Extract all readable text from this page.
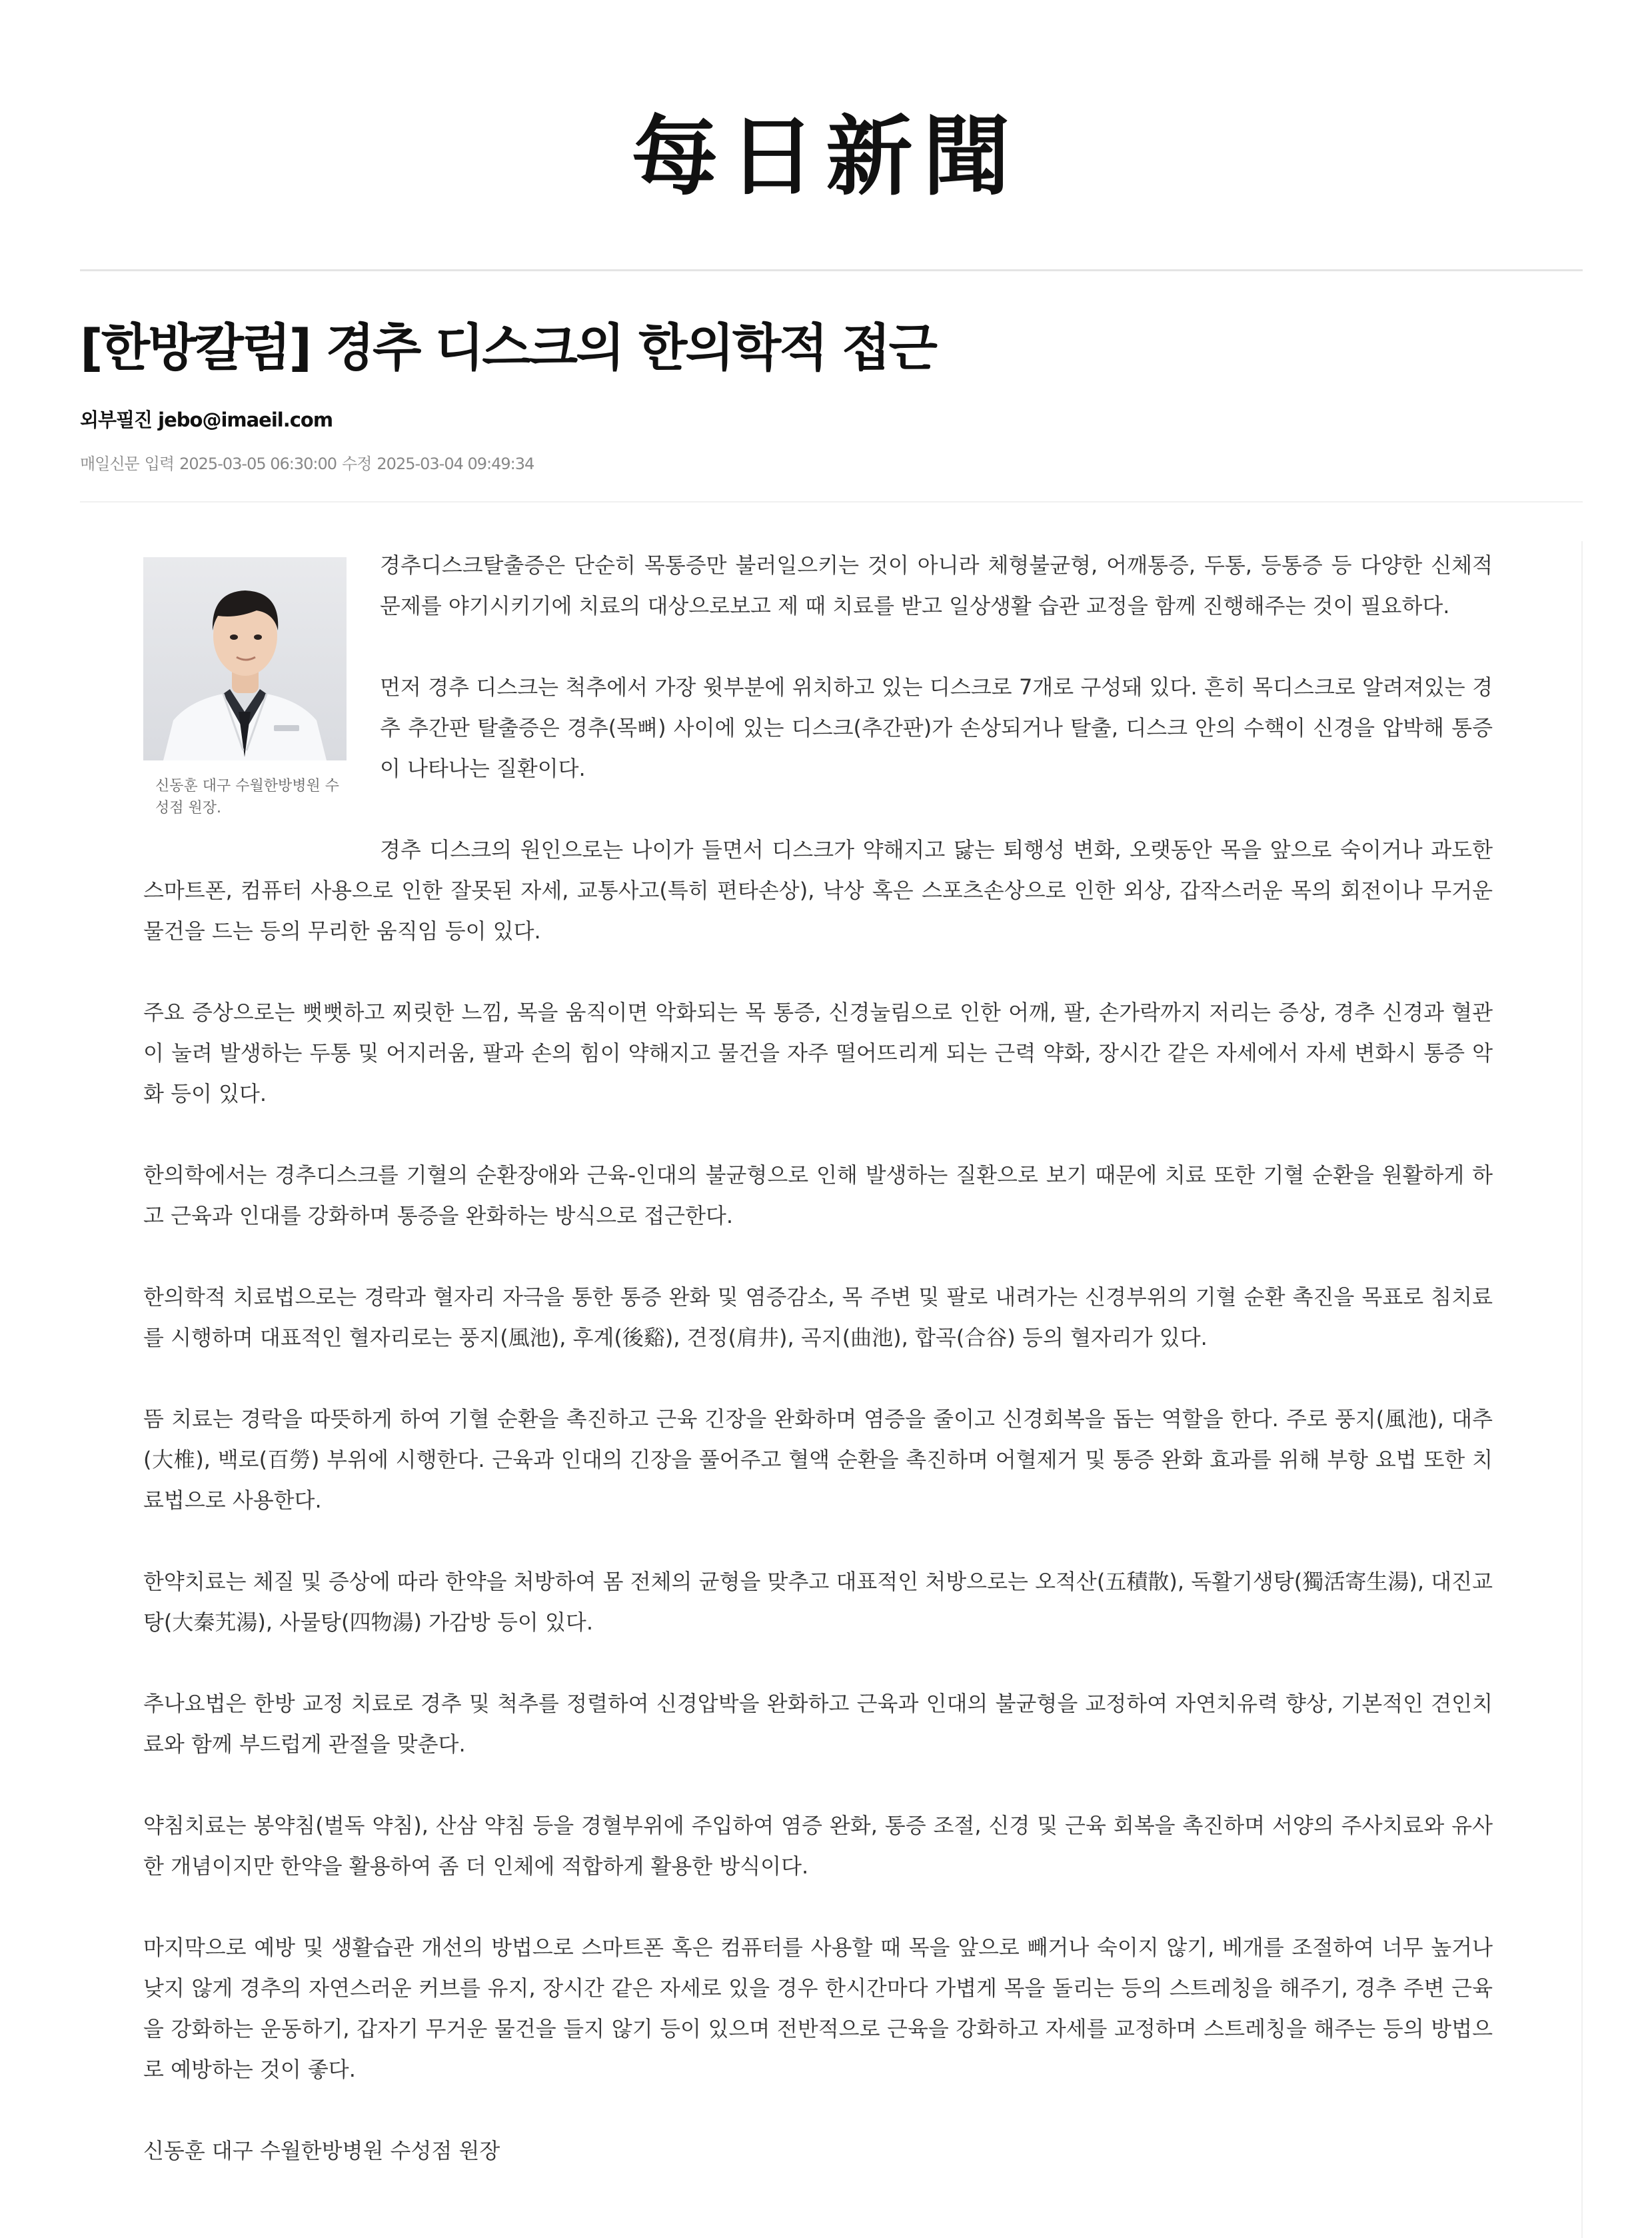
每日新聞
[한방칼럼] 경추 디스크의 한의학적 접근
외부필진 jebo@imaeil.com
매일신문 입력 2025-03-05 06:30:00 수정 2025-03-04 09:49:34
신동훈 대구 수월한방병원 수성점 원장.

경추디스크탈출증은 단순히 목통증만 불러일으키는 것이 아니라 체형불균형, 어깨통증, 두통, 등통증 등 다양한 신체적 문제를 야기시키기에 치료의 대상으로보고 제 때 치료를 받고 일상생활 습관 교정을 함께 진행해주는 것이 필요하다.

먼저 경추 디스크는 척추에서 가장 윗부분에 위치하고 있는 디스크로 7개로 구성돼 있다. 흔히 목디스크로 알려져있는 경추 추간판 탈출증은 경추(목뼈) 사이에 있는 디스크(추간판)가 손상되거나 탈출, 디스크 안의 수핵이 신경을 압박해 통증이 나타나는 질환이다.

경추 디스크의 원인으로는 나이가 들면서 디스크가 약해지고 닳는 퇴행성 변화, 오랫동안 목을 앞으로 숙이거나 과도한 스마트폰, 컴퓨터 사용으로 인한 잘못된 자세, 교통사고(특히 편타손상), 낙상 혹은 스포츠손상으로 인한 외상, 갑작스러운 목의 회전이나 무거운 물건을 드는 등의 무리한 움직임 등이 있다.

주요 증상으로는 뻣뻣하고 찌릿한 느낌, 목을 움직이면 악화되는 목 통증, 신경눌림으로 인한 어깨, 팔, 손가락까지 저리는 증상, 경추 신경과 혈관이 눌려 발생하는 두통 및 어지러움, 팔과 손의 힘이 약해지고 물건을 자주 떨어뜨리게 되는 근력 약화, 장시간 같은 자세에서 자세 변화시 통증 악화 등이 있다.

한의학에서는 경추디스크를 기혈의 순환장애와 근육-인대의 불균형으로 인해 발생하는 질환으로 보기 때문에 치료 또한 기혈 순환을 원활하게 하고 근육과 인대를 강화하며 통증을 완화하는 방식으로 접근한다.

한의학적 치료법으로는 경락과 혈자리 자극을 통한 통증 완화 및 염증감소, 목 주변 및 팔로 내려가는 신경부위의 기혈 순환 촉진을 목표로 침치료를 시행하며 대표적인 혈자리로는 풍지(風池), 후계(後谿), 견정(肩井), 곡지(曲池), 합곡(合谷) 등의 혈자리가 있다.

뜸 치료는 경락을 따뜻하게 하여 기혈 순환을 촉진하고 근육 긴장을 완화하며 염증을 줄이고 신경회복을 돕는 역할을 한다. 주로 풍지(風池), 대추(大椎), 백로(百勞) 부위에 시행한다. 근육과 인대의 긴장을 풀어주고 혈액 순환을 촉진하며 어혈제거 및 통증 완화 효과를 위해 부항 요법 또한 치료법으로 사용한다.

한약치료는 체질 및 증상에 따라 한약을 처방하여 몸 전체의 균형을 맞추고 대표적인 처방으로는 오적산(五積散), 독활기생탕(獨活寄生湯), 대진교탕(大秦艽湯), 사물탕(四物湯) 가감방 등이 있다.

추나요법은 한방 교정 치료로 경추 및 척추를 정렬하여 신경압박을 완화하고 근육과 인대의 불균형을 교정하여 자연치유력 향상, 기본적인 견인치료와 함께 부드럽게 관절을 맞춘다.

약침치료는 봉약침(벌독 약침), 산삼 약침 등을 경혈부위에 주입하여 염증 완화, 통증 조절, 신경 및 근육 회복을 촉진하며 서양의 주사치료와 유사한 개념이지만 한약을 활용하여 좀 더 인체에 적합하게 활용한 방식이다.

마지막으로 예방 및 생활습관 개선의 방법으로 스마트폰 혹은 컴퓨터를 사용할 때 목을 앞으로 빼거나 숙이지 않기, 베개를 조절하여 너무 높거나 낮지 않게 경추의 자연스러운 커브를 유지, 장시간 같은 자세로 있을 경우 한시간마다 가볍게 목을 돌리는 등의 스트레칭을 해주기, 경추 주변 근육을 강화하는 운동하기, 갑자기 무거운 물건을 들지 않기 등이 있으며 전반적으로 근육을 강화하고 자세를 교정하며 스트레칭을 해주는 등의 방법으로 예방하는 것이 좋다.

신동훈 대구 수월한방병원 수성점 원장
